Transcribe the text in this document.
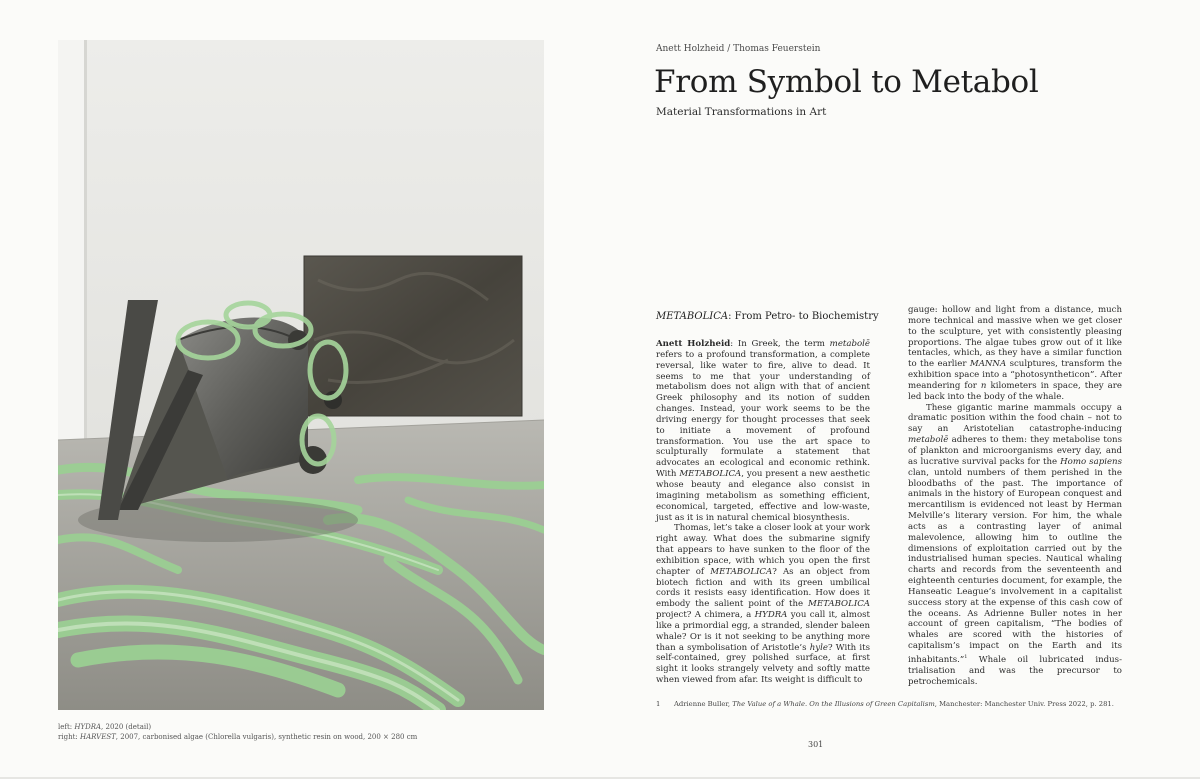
left: HYDRA, 2020 (detail)
right: HARVEST, 2007, carbonised algae (Chlorella vulgaris), synthetic resin on wood, 200 × 280 cm
Anett Holzheid / Thomas Feuerstein
From Symbol to Metabol
Material Transformations in Art
METABOLICA: From Petro- to Biochemistry

Anett Holzheid: In Greek, the term metabolē refers to a profound transformation, a complete reversal, like water to fire, alive to dead. It seems to me that your understanding of metabolism does not align with that of ancient Greek philosophy and its notion of sudden changes. Instead, your work seems to be the driving energy for thought processes that seek to initiate a movement of profound transformation. You use the art space to sculpturally formulate a statement that advocates an ecological and economic rethink. With METABOLICA, you present a new aesthetic whose beauty and elegance also consist in imagining metabolism as something efficient, economical, targeted, effective and low-waste, just as it is in natural chemical biosynthesis.

Thomas, let’s take a closer look at your work right away. What does the submarine signify that appears to have sunken to the floor of the exhibition space, with which you open the first chapter of METABOLICA? As an object from biotech fiction and with its green umbilical cords it resists easy identification. How does it embody the salient point of the METABOLICA project? A chimera, a HYDRA you call it, almost like a primordial egg, a stranded, slender baleen whale? Or is it not seeking to be anything more than a symbolisation of Aristotle’s hyle? With its self-contained, grey polished surface, at first sight it looks strangely velvety and softly matte when viewed from afar. Its weight is difficult to

gauge: hollow and light from a distance, much more technical and massive when we get closer to the sculpture, yet with consistently pleasing proportions. The algae tubes grow out of it like tentacles, which, as they have a similar function to the earlier MANNA sculptures, transform the exhibition space into a “photosyntheticon”. After meandering for n kilometers in space, they are led back into the body of the whale.

These gigantic marine mammals occupy a dramatic position within the food chain – not to say an Aristotelian catastrophe-inducing metabolē adheres to them: they metabolise tons of plankton and microorganisms every day, and as lucrative survival packs for the Homo sapiens clan, untold numbers of them perished in the bloodbaths of the past. The importance of animals in the history of European conquest and mercantilism is evidenced not least by Herman Melville’s literary version. For him, the whale acts as a contrasting layer of animal malevolence, allowing him to outline the dimensions of exploitation carried out by the industrialised human species. Nautical whaling charts and records from the seventeenth and eighteenth centuries document, for example, the Hanseatic League’s involvement in a capitalist success story at the expense of this cash cow of the oceans. As Adrienne Buller notes in her account of green capitalism, “The bodies of whales are scored with the histories of capitalism’s impact on the Earth and its inhabitants.”$^1$ Whale oil lubricated industrialisation and was the precursor to petrochemicals.

1 Adrienne Buller, The Value of a Whale. On the Illusions of Green Capitalism, Manchester: Manchester Univ. Press 2022, p. 281.
301
